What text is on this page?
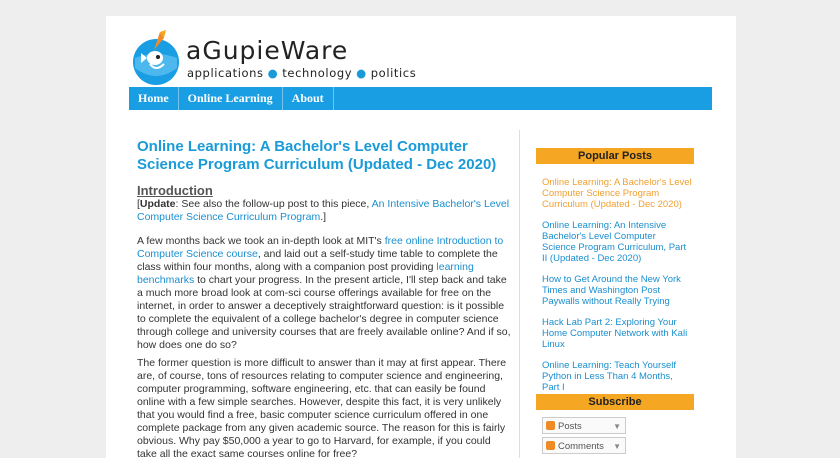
aGupieWare
applications ● technology ● politics
Home	Online Learning	About
Online Learning: A Bachelor's Level Computer Science Program Curriculum (Updated - Dec 2020)
Introduction

[Update: See also the follow-up post to this piece, An Intensive Bachelor's Level Computer Science Curriculum Program.]

A few months back we took an in-depth look at MIT's free online Introduction to Computer Science course, and laid out a self-study time table to complete the class within four months, along with a companion post providing learning benchmarks to chart your progress. In the present article, I'll step back and take a much more broad look at com-sci course offerings available for free on the internet, in order to answer a deceptively straightforward question: is it possible to complete the equivalent of a college bachelor's degree in computer science through college and university courses that are freely available online? And if so, how does one do so?

The former question is more difficult to answer than it may at first appear. There are, of course, tons of resources relating to computer science and engineering, computer programming, software engineering, etc. that can easily be found online with a few simple searches. However, despite this fact, it is very unlikely that you would find a free, basic computer science curriculum offered in one complete package from any given academic source. The reason for this is fairly obvious. Why pay $50,000 a year to go to Harvard, for example, if you could take all the exact same courses online for free?

Popular Posts
Online Learning: A Bachelor's Level Computer Science Program Curriculum (Updated - Dec 2020)
Online Learning: An Intensive Bachelor's Level Computer Science Program Curriculum, Part II (Updated - Dec 2020)
How to Get Around the New York Times and Washington Post Paywalls without Really Trying
Hack Lab Part 2: Exploring Your Home Computer Network with Kali Linux
Online Learning: Teach Yourself Python in Less Than 4 Months, Part I
Subscribe
Posts	▼
Comments ▼
